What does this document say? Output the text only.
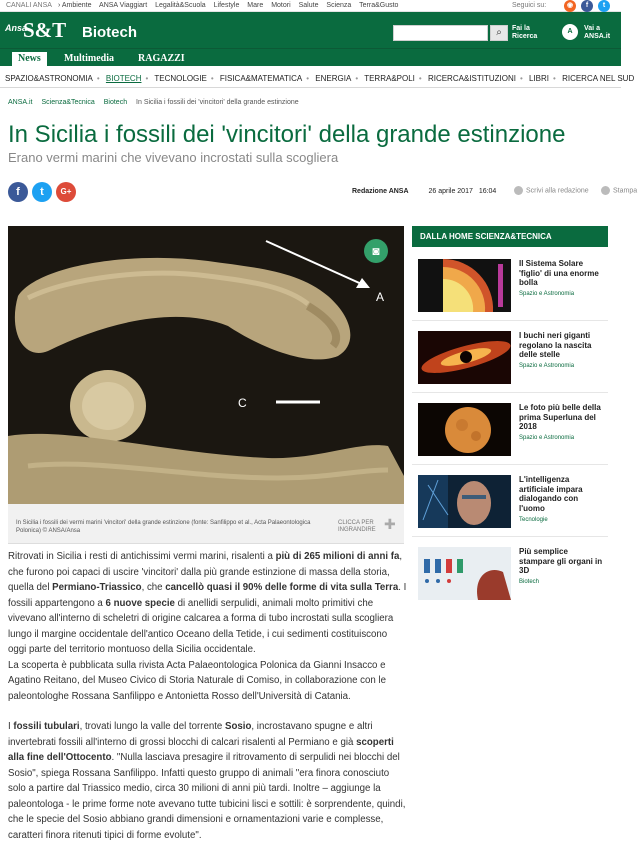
CANALI ANSA › Ambiente ANSA Viaggiart Legalità&Scuola Lifestyle Mare Motori Salute Scienza Terra&Gusto	Seguici su:	◉	f	t
Ansa
S&T Biotech	⌕	Fai la
Ricerca
A	Vai a
ANSA.it
News	Multimedia	RAGAZZI
SPAZIO&ASTRONOMIA • BIOTECH • TECNOLOGIE • FISICA&MATEMATICA • ENERGIA • TERRA&POLI • RICERCA&ISTITUZIONI • LIBRI • RICERCA NEL SUD
ANSA.it Scienza&Tecnica Biotech In Sicilia i fossili dei 'vincitori' della grande estinzione
In Sicilia i fossili dei 'vincitori' della grande estinzione
Erano vermi marini che vivevano incrostati sulla scogliera
f	t	G+	Redazione ANSA	26 aprile 2017 16:04	Scrivi alla redazione	Stampa
A
C
◙
In Sicilia i fossili dei vermi marini 'vincitori' della grande estinzione (fonte: Sanfilippo et al., Acta Palaeontologica Polonica) © ANSA/Ansa
CLICCA PER
INGRANDIRE ✚

Ritrovati in Sicilia i resti di antichissimi vermi marini, risalenti a più di 265 milioni di anni fa, che furono poi capaci di uscire 'vincitori' dalla più grande estinzione di massa della storia, quella del Permiano-Triassico, che cancellò quasi il 90% delle forme di vita sulla Terra. I fossili appartengono a 6 nuove specie di anellidi serpulidi, animali molto primitivi che vivevano all'interno di scheletri di origine calcarea a forma di tubo incrostati sulla scogliera lungo il margine occidentale dell'antico Oceano della Tetide, i cui sedimenti costituiscono oggi parte del territorio montuoso della Sicilia occidentale.

La scoperta è pubblicata sulla rivista Acta Palaeontologica Polonica da Gianni Insacco e Agatino Reitano, del Museo Civico di Storia Naturale di Comiso, in collaborazione con le paleontologhe Rossana Sanfilippo e Antonietta Rosso dell'Università di Catania.

I fossili tubulari, trovati lungo la valle del torrente Sosio, incrostavano spugne e altri invertebrati fossili all'interno di grossi blocchi di calcari risalenti al Permiano e già scoperti alla fine dell'Ottocento. "Nulla lasciava presagire il ritrovamento di serpulidi nei blocchi del Sosio", spiega Rossana Sanfilippo. Infatti questo gruppo di animali "era finora conosciuto solo a partire dal Triassico medio, circa 30 milioni di anni più tardi. Inoltre – aggiunge la paleontologa - le prime forme note avevano tutte tubicini lisci e sottili: è sorprendente, quindi, che le specie del Sosio abbiano grandi dimensioni e ornamentazioni varie e complesse, caratteri finora ritenuti tipici di forme evolute".

DALLA HOME SCIENZA&TECNICA
Il Sistema Solare 'figlio' di una enorme bolla
Spazio e Astronomia
I buchi neri giganti regolano la nascita delle stelle
Spazio e Astronomia
Le foto più belle della prima Superluna del 2018
Spazio e Astronomia
L'intelligenza artificiale impara dialogando con l'uomo
Tecnologie
Più semplice stampare gli organi in 3D
Biotech
